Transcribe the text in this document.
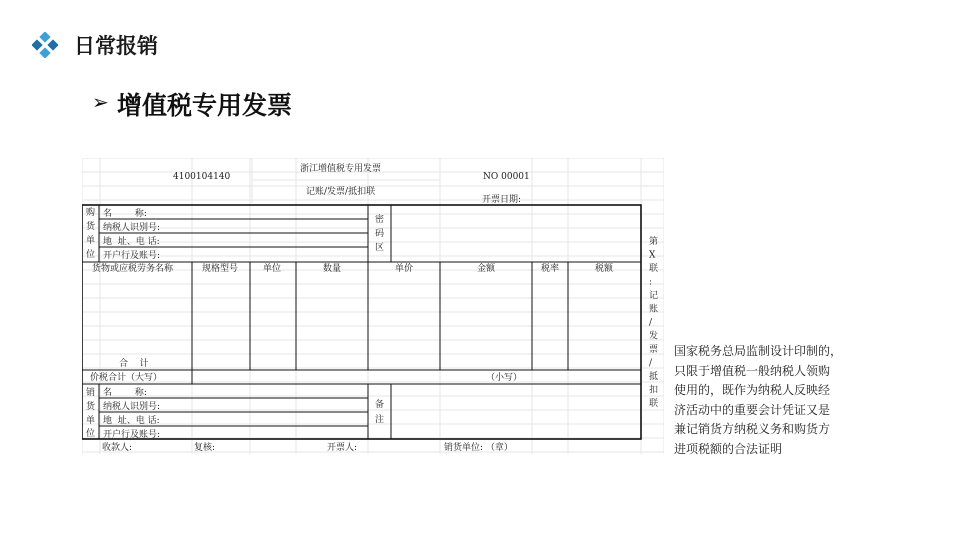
日常报销
➢ 增值税专用发票
4100104140
浙江增值税专用发票
记账/发票/抵扣联
NO 00001
开票日期:
购
货
单
位
名        称:
纳税人识别号:
地  址、电 话:
开户行及账号:
密
码
区
货物或应税劳务名称	规格型号	单位	数量	单价	金额	税率	税额
合    计
价税合计（大写）	（小写）
销
货
单
位
名        称:
纳税人识别号:
地  址、电 话:
开户行及账号:
备
注
收款人:	复核:	开票人:	销货单位: （章）
第
X
联
:
记
账
/
发
票
/
抵
扣
联
国家税务总局监制设计印制的，
只限于增值税一般纳税人领购
使用的，既作为纳税人反映经
济活动中的重要会计凭证又是
兼记销货方纳税义务和购货方
进项税额的合法证明
